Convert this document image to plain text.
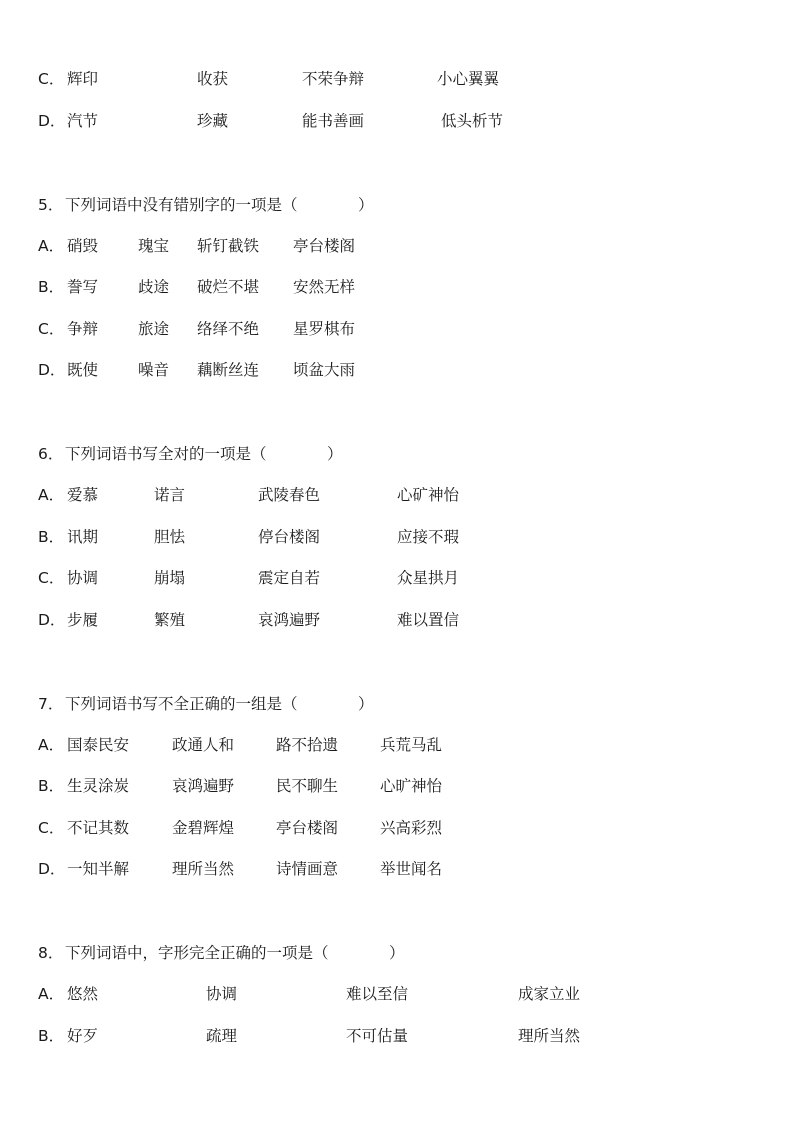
C． 辉印	收获	不荣争辩	小心翼翼
D． 汽节	珍藏	能书善画	低头析节
5． 下列词语中没有错别字的一项是（	）
A． 硝毁	瑰宝 斩钉截铁 亭台楼阁
B． 誊写	歧途 破烂不堪 安然无样
C． 争辩	旅途 络绎不绝 星罗棋布
D． 既使	噪音 藕断丝连 顷盆大雨
6． 下列词语书写全对的一项是（	）
A． 爱慕	诺言	武陵春色	心矿神怡
B． 讯期	胆怯	停台楼阁	应接不瑕
C． 协调	崩塌	震定自若	众星拱月
D． 步履	繁殖	哀鸿遍野	难以置信
7． 下列词语书写不全正确的一组是（	）
A． 国泰民安	政通人和	路不拾遗	兵荒马乱
B． 生灵涂炭	哀鸿遍野	民不聊生	心旷神怡
C． 不记其数	金碧辉煌	亭台楼阁	兴高彩烈
D． 一知半解	理所当然	诗情画意	举世闻名
8． 下列词语中，字形完全正确的一项是（	）
A． 悠然	协调	难以至信	成家立业
B． 好歹	疏理	不可估量	理所当然
